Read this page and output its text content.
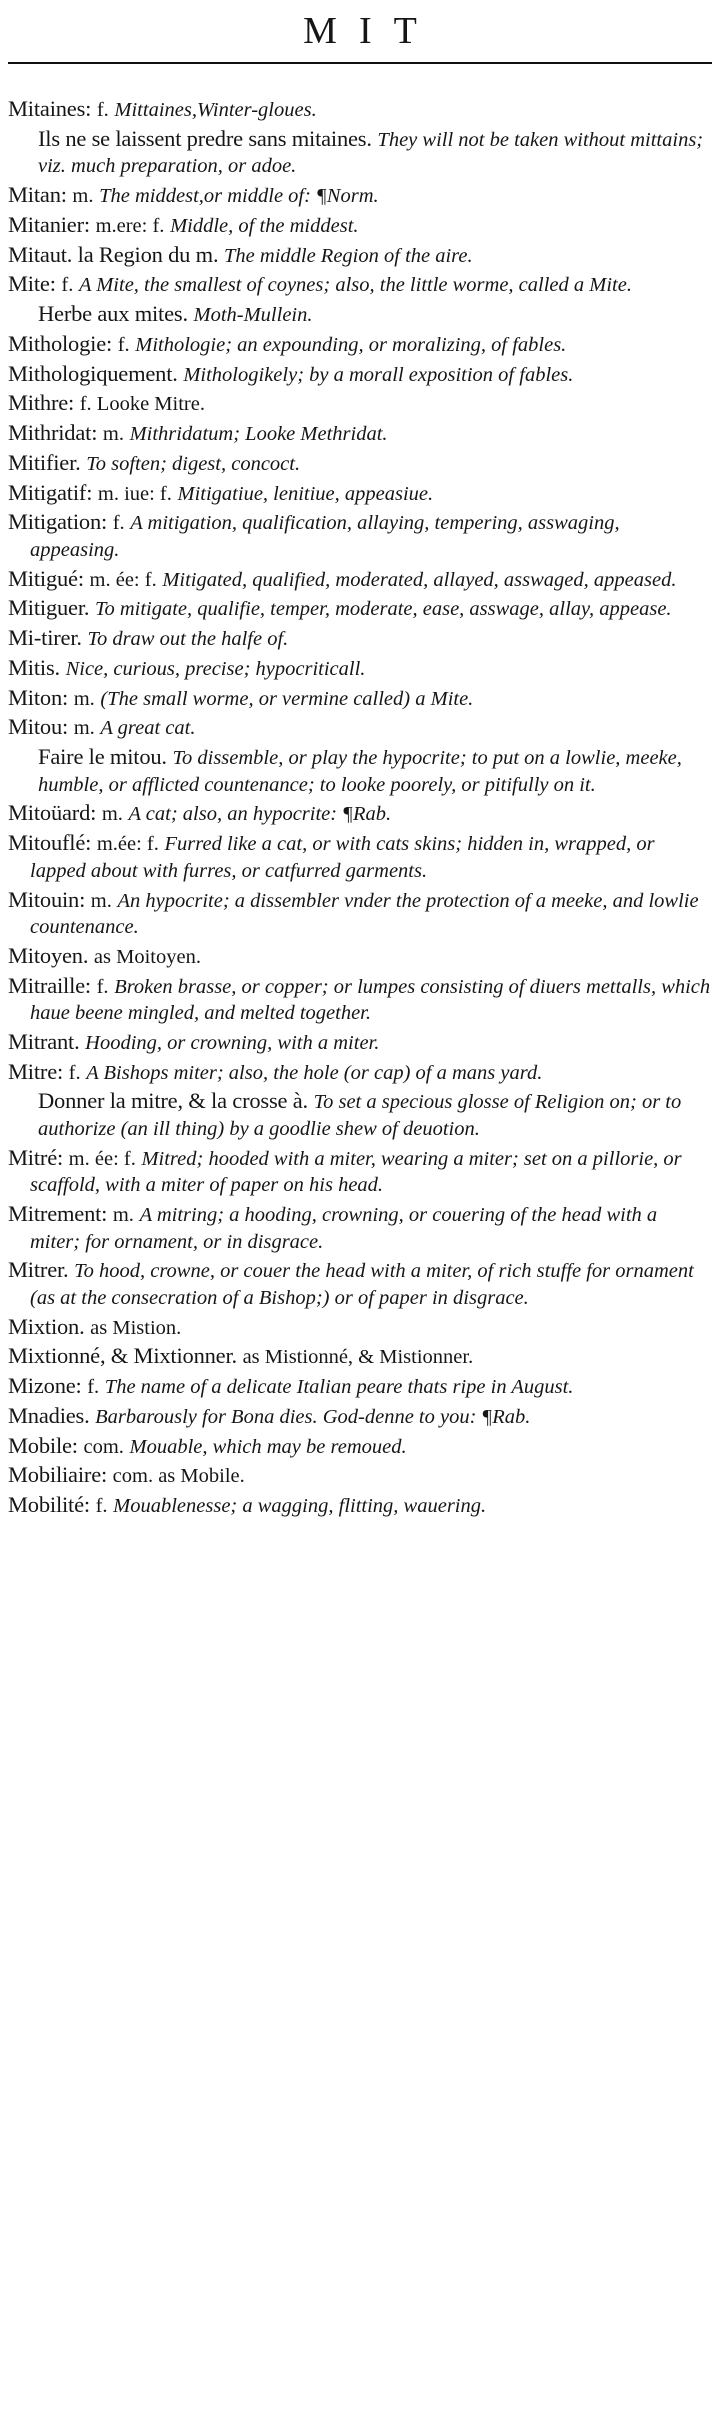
MIT
Mitaines: f. Mittaines,Winter-gloues.
Ils ne se laissent predre sans mitaines. They will not be taken without mittains; viz. much preparation, or adoe.
Mitan: m. The middest,or middle of: ¶Norm.
Mitanier: m.ere: f. Middle, of the middest.
Mitaut. la Region du m. The middle Region of the aire.
Mite: f. A Mite, the smallest of coynes; also, the little worme, called a Mite.
Herbe aux mites. Moth-Mullein.
Mithologie: f. Mithologie; an expounding, or moralizing, of fables.
Mithologiquement. Mithologikely; by a morall exposition of fables.
Mithre: f. Looke Mitre.
Mithridat: m. Mithridatum; Looke Methridat.
Mitifier. To soften; digest, concoct.
Mitigatif: m. iue: f. Mitigatiue, lenitiue, appeasiue.
Mitigation: f. A mitigation, qualification, allaying, tempering, asswaging, appeasing.
Mitigué: m. ée: f. Mitigated, qualified, moderated, allayed, asswaged, appeased.
Mitiguer. To mitigate, qualifie, temper, moderate, ease, asswage, allay, appease.
Mi-tirer. To draw out the halfe of.
Mitis. Nice, curious, precise; hypocriticall.
Miton: m. (The small worme, or vermine called) a Mite.
Mitou: m. A great cat.
Faire le mitou. To dissemble, or play the hypocrite; to put on a lowlie, meeke, humble, or afflicted countenance; to looke poorely, or pitifully on it.
Mitoüard: m. A cat; also, an hypocrite: ¶Rab.
Mitouflé: m.ée: f. Furred like a cat, or with cats skins; hidden in, wrapped, or lapped about with furres, or catfurred garments.
Mitouin: m. An hypocrite; a dissembler vnder the protection of a meeke, and lowlie countenance.
Mitoyen. as Moitoyen.
Mitraille: f. Broken brasse, or copper; or lumpes consisting of diuers mettalls, which haue beene mingled, and melted together.
Mitrant. Hooding, or crowning, with a miter.
Mitre: f. A Bishops miter; also, the hole (or cap) of a mans yard.
Donner la mitre, & la crosse à. To set a specious glosse of Religion on; or to authorize (an ill thing) by a goodlie shew of deuotion.
Mitré: m. ée: f. Mitred; hooded with a miter, wearing a miter; set on a pillorie, or scaffold, with a miter of paper on his head.
Mitrement: m. A mitring; a hooding, crowning, or couering of the head with a miter; for ornament, or in disgrace.
Mitrer. To hood, crowne, or couer the head with a miter, of rich stuffe for ornament (as at the consecration of a Bishop;) or of paper in disgrace.
Mixtion. as Mistion.
Mixtionné, & Mixtionner. as Mistionné, & Mistionner.
Mizone: f. The name of a delicate Italian peare thats ripe in August.
Mnadies. Barbarously for Bona dies. God-denne to you: ¶Rab.
Mobile: com. Mouable, which may be remoued.
Mobiliaire: com. as Mobile.
Mobilité: f. Mouablenesse; a wagging, flitting, wauering.
